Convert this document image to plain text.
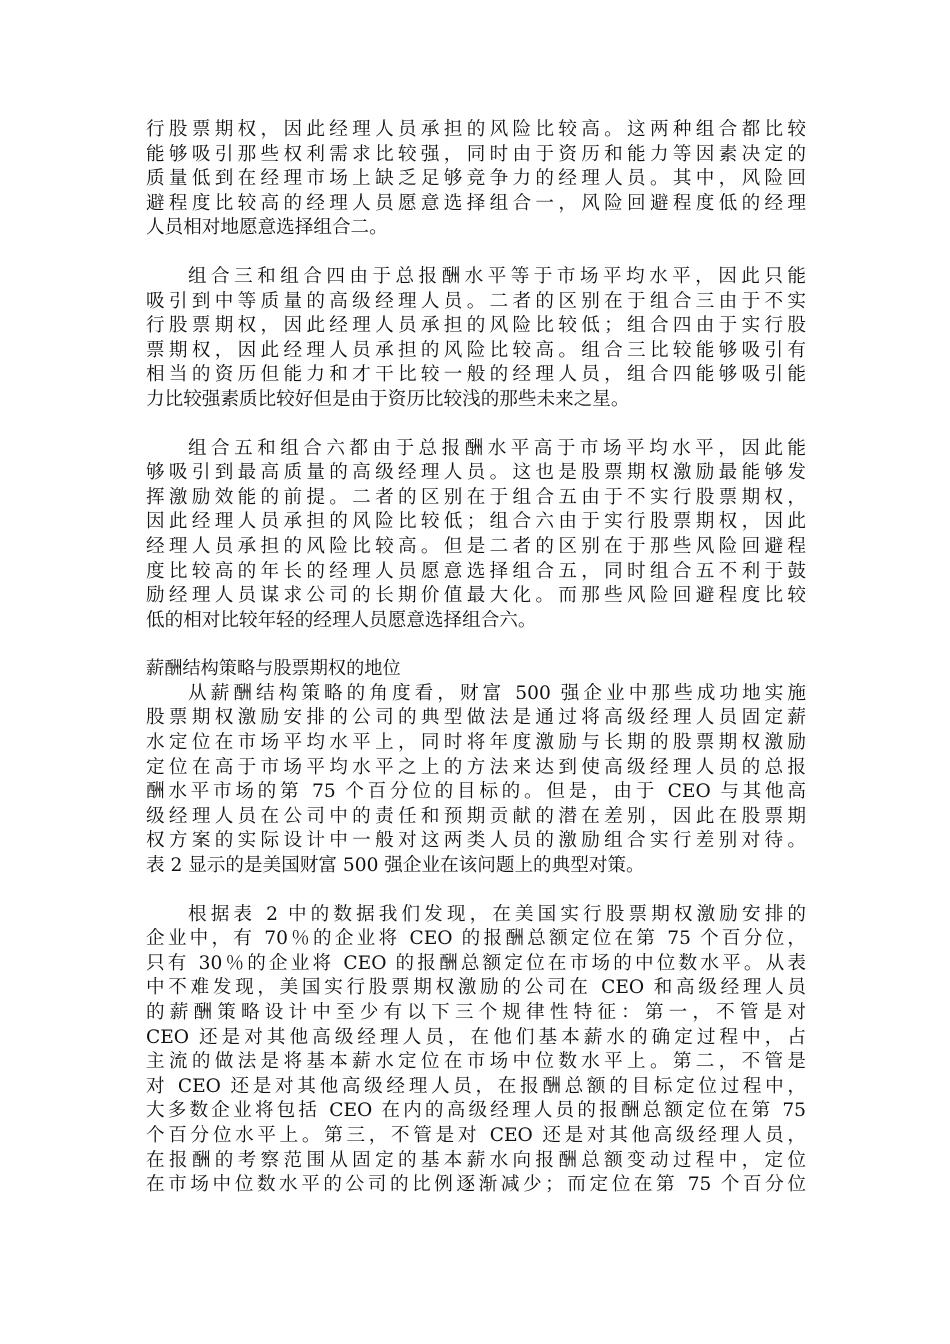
行股票期权，因此经理人员承担的风险比较高。这两种组合都比较
能够吸引那些权利需求比较强，同时由于资历和能力等因素决定的
质量低到在经理市场上缺乏足够竞争力的经理人员。其中，风险回
避程度比较高的经理人员愿意选择组合一，风险回避程度低的经理
人员相对地愿意选择组合二。

组合三和组合四由于总报酬水平等于市场平均水平，因此只能
吸引到中等质量的高级经理人员。二者的区别在于组合三由于不实
行股票期权，因此经理人员承担的风险比较低；组合四由于实行股
票期权，因此经理人员承担的风险比较高。组合三比较能够吸引有
相当的资历但能力和才干比较一般的经理人员，组合四能够吸引能
力比较强素质比较好但是由于资历比较浅的那些未来之星。

组合五和组合六都由于总报酬水平高于市场平均水平，因此能
够吸引到最高质量的高级经理人员。这也是股票期权激励最能够发
挥激励效能的前提。二者的区别在于组合五由于不实行股票期权，
因此经理人员承担的风险比较低；组合六由于实行股票期权，因此
经理人员承担的风险比较高。但是二者的区别在于那些风险回避程
度比较高的年长的经理人员愿意选择组合五，同时组合五不利于鼓
励经理人员谋求公司的长期价值最大化。而那些风险回避程度比较
低的相对比较年轻的经理人员愿意选择组合六。

薪酬结构策略与股票期权的地位

从薪酬结构策略的角度看，财富 500 强企业中那些成功地实施
股票期权激励安排的公司的典型做法是通过将高级经理人员固定薪
水定位在市场平均水平上，同时将年度激励与长期的股票期权激励
定位在高于市场平均水平之上的方法来达到使高级经理人员的总报
酬水平市场的第 75 个百分位的目标的。但是，由于 CEO 与其他高
级经理人员在公司中的责任和预期贡献的潜在差别，因此在股票期
权方案的实际设计中一般对这两类人员的激励组合实行差别对待。
表 2 显示的是美国财富 500 强企业在该问题上的典型对策。

根据表 2 中的数据我们发现，在美国实行股票期权激励安排的
企业中，有 70％的企业将 CEO 的报酬总额定位在第 75 个百分位，
只有 30％的企业将 CEO 的报酬总额定位在市场的中位数水平。从表
中不难发现，美国实行股票期权激励的公司在 CEO 和高级经理人员
的薪酬策略设计中至少有以下三个规律性特征：第一，不管是对
CEO 还是对其他高级经理人员，在他们基本薪水的确定过程中，占
主流的做法是将基本薪水定位在市场中位数水平上。第二，不管是
对 CEO 还是对其他高级经理人员，在报酬总额的目标定位过程中，
大多数企业将包括 CEO 在内的高级经理人员的报酬总额定位在第 75
个百分位水平上。第三，不管是对 CEO 还是对其他高级经理人员，
在报酬的考察范围从固定的基本薪水向报酬总额变动过程中，定位
在市场中位数水平的公司的比例逐渐减少；而定位在第 75 个百分位
